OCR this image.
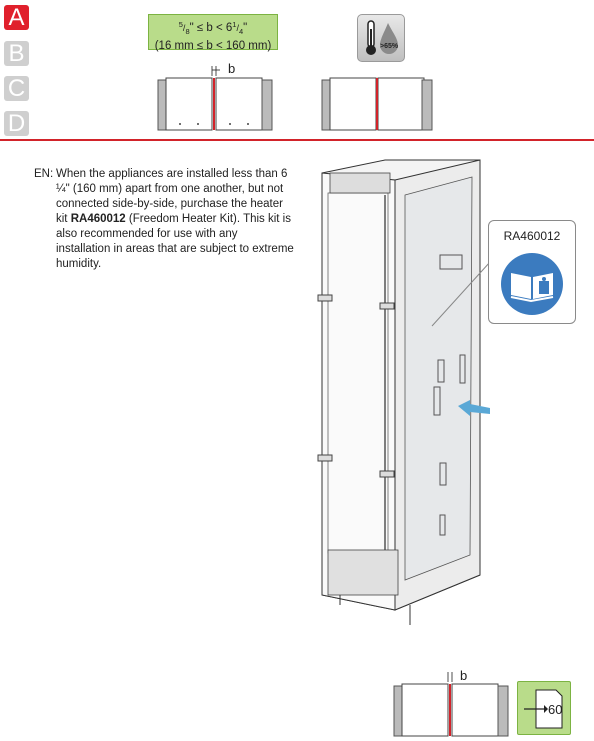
A
B
C
D
$^5/_8$" ≤ $b < 6^1/_4$"
(16 mm ≤ b < 160 mm)	>65%
b
EN: When the appliances are installed less than 6 ¼" (160 mm) apart from one another, but not connected side-by-side, purchase the heater kit RA460012 (Freedom Heater Kit). This kit is also recommended for use with any installation in areas that are subject to extreme humidity.
RA460012
b
60
